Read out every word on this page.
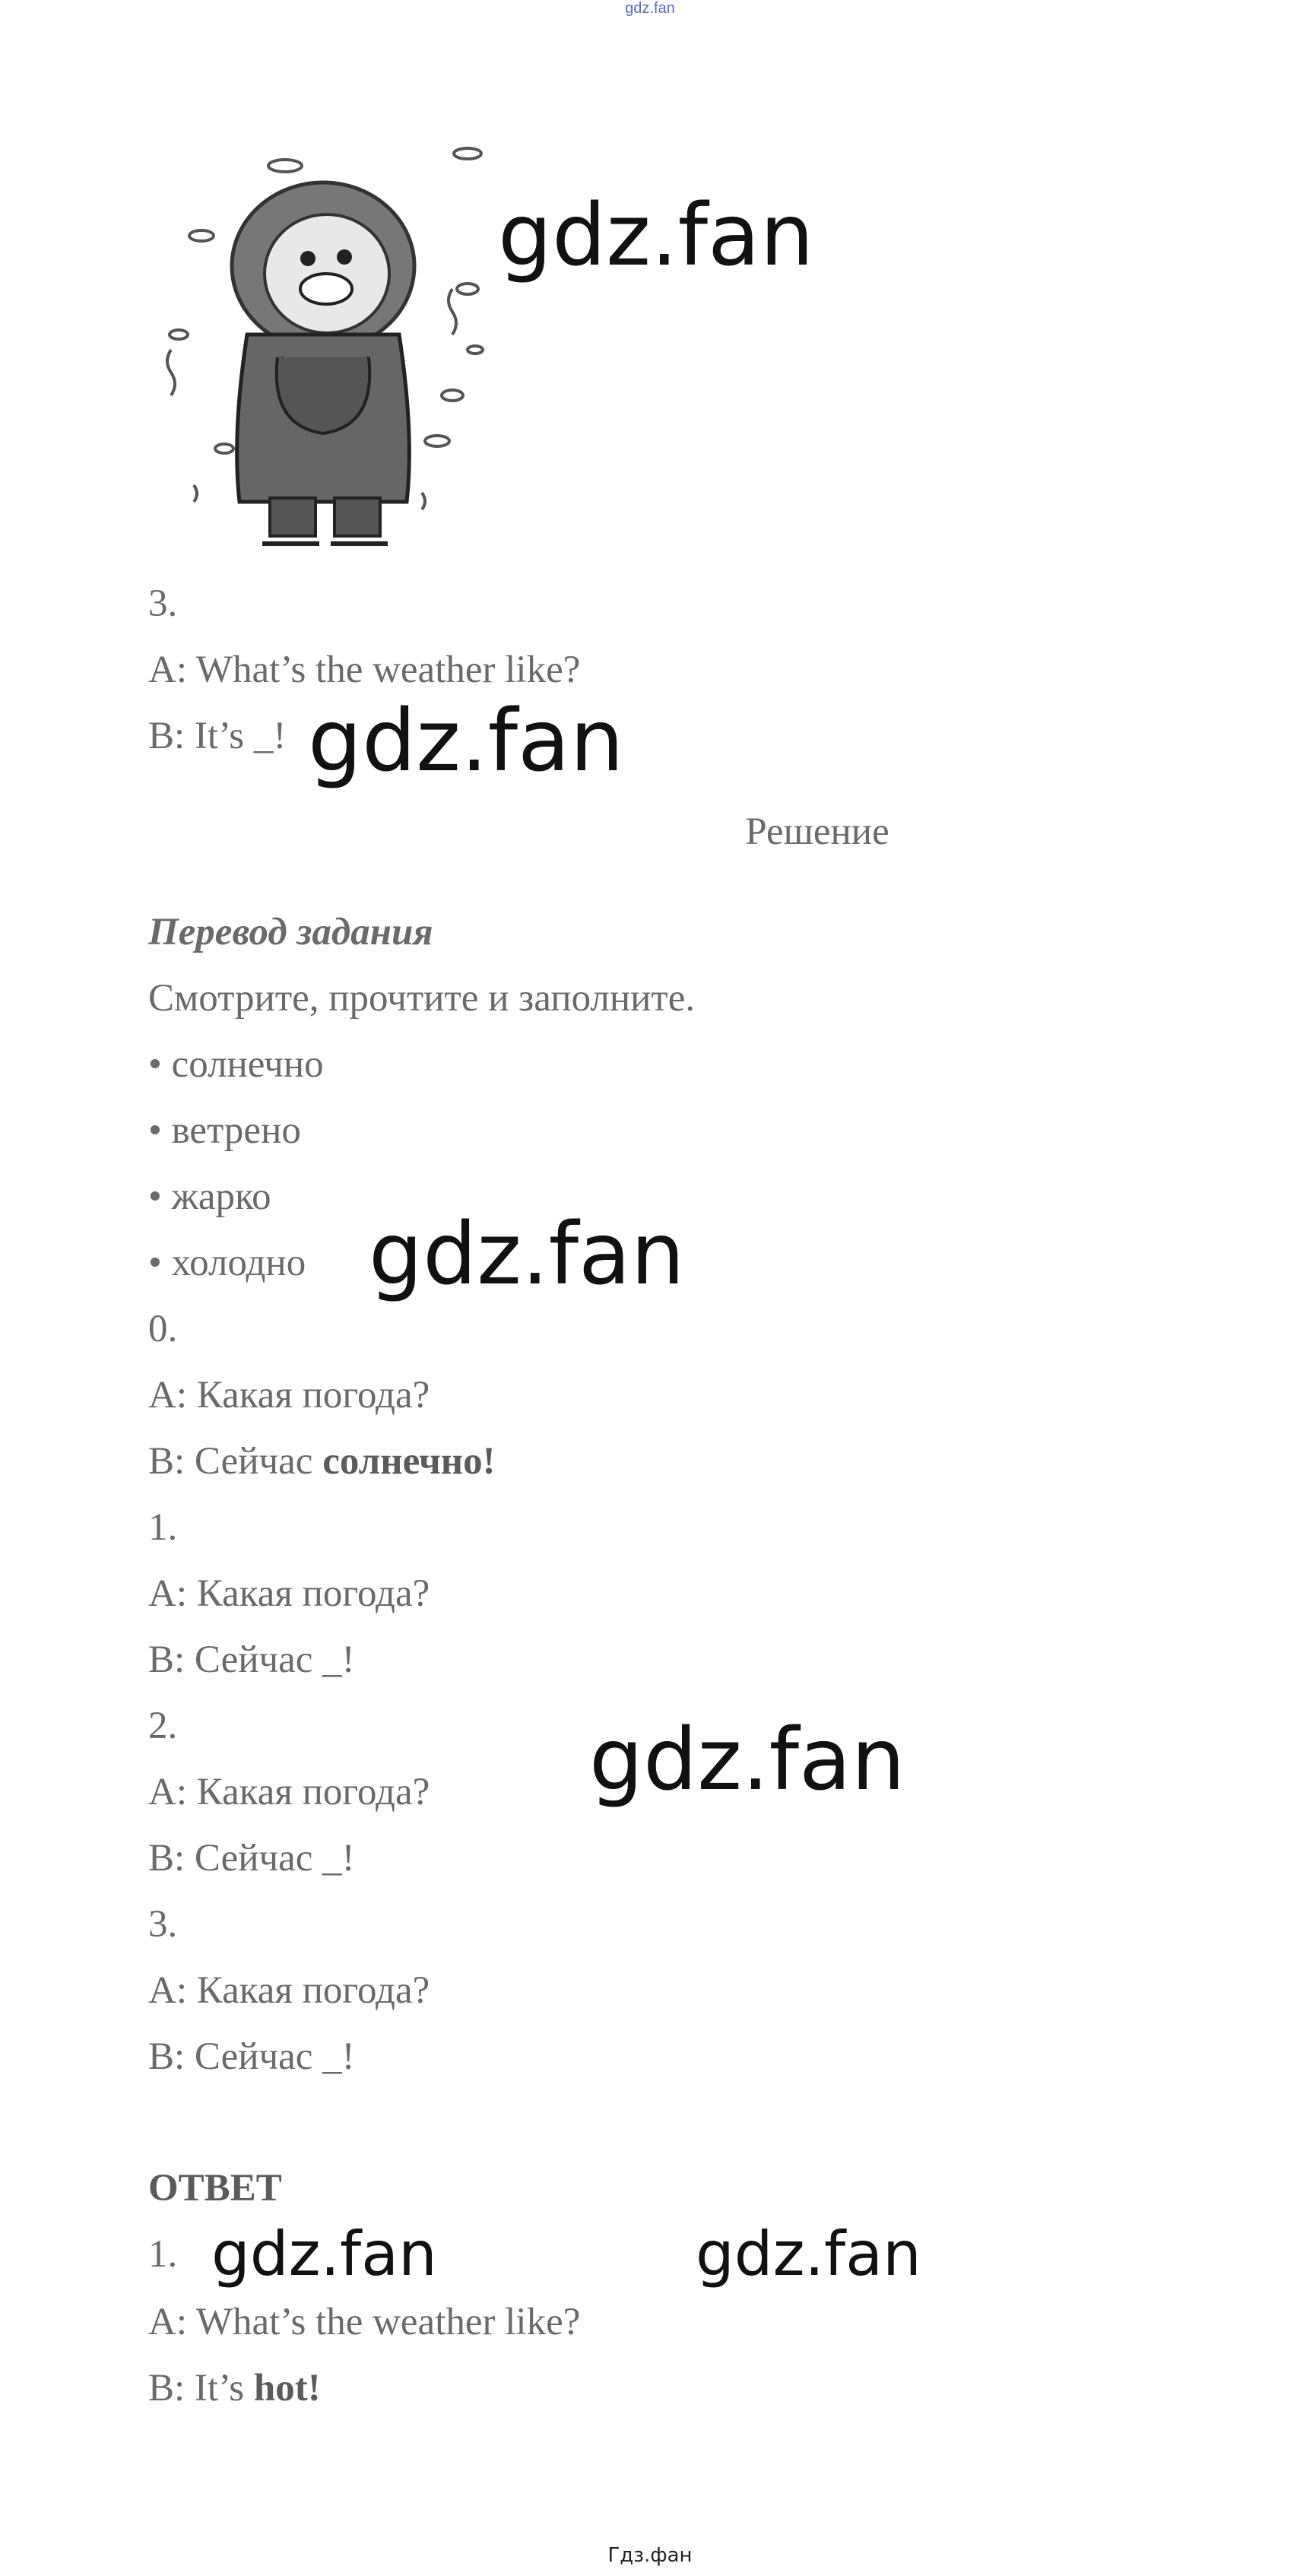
gdz.fan
gdz.fan
3.
A: What’s the weather like?
B: It’s _! gdz.fan
Решение
Перевод задания
Смотрите, прочтите и заполните.
• солнечно
• ветрено
• жарко
• холодно gdz.fan
0.
A: Какая погода?
B: Сейчас солнечно!
1.
A: Какая погода?
B: Сейчас _!
2.
A: Какая погода?
B: Сейчас _!
gdz.fan
3.
A: Какая погода?
B: Сейчас _!
ОТВЕТ
1. gdz.fan	gdz.fan
A: What’s the weather like?
B: It’s hot!
Гдз.фан
